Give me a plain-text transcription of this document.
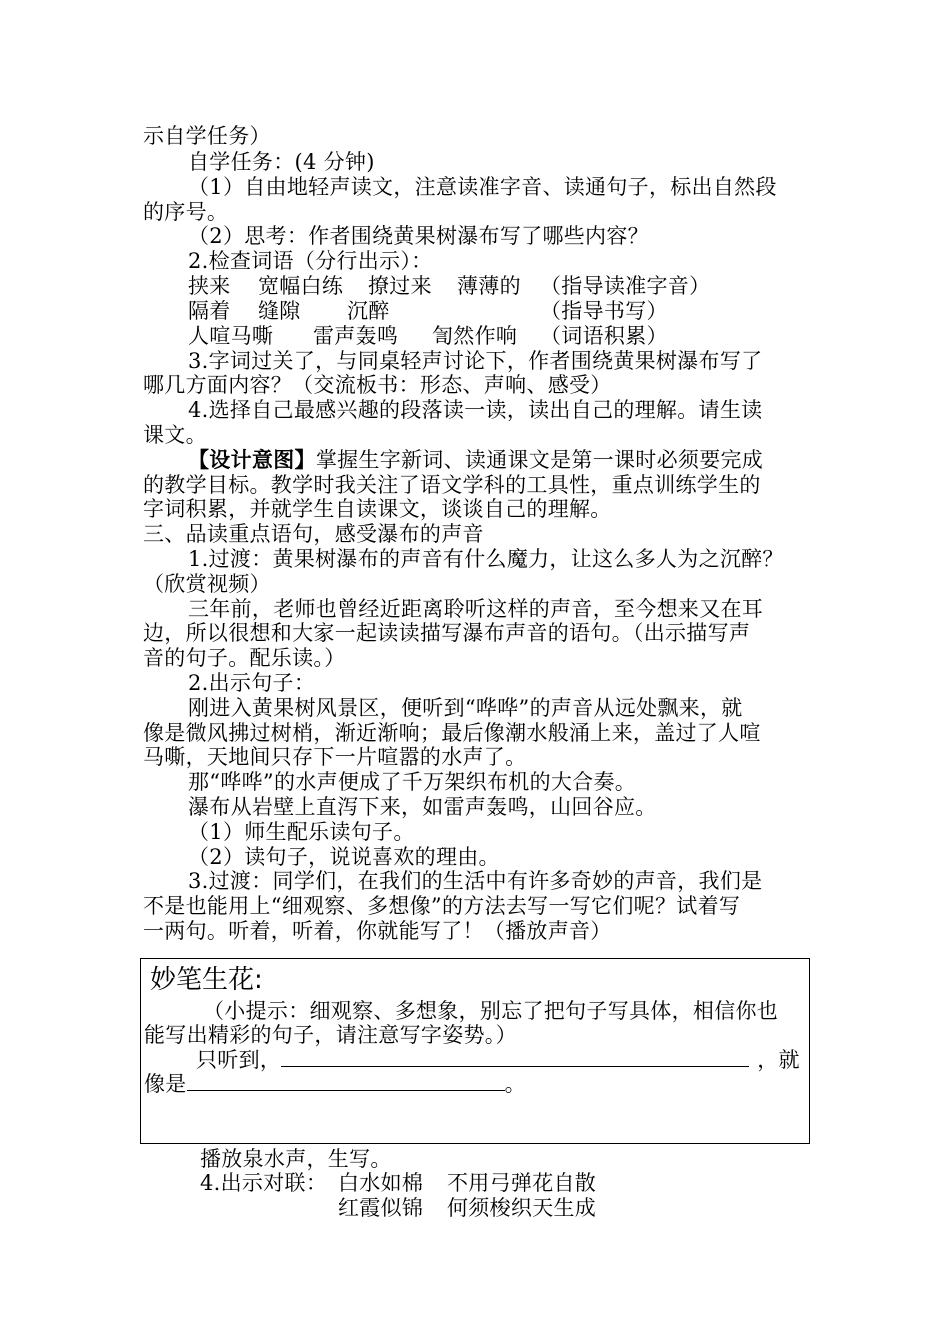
示自学任务）
自学任务：(4 分钟)
（1）自由地轻声读文，注意读准字音、读通句子，标出自然段
的序号。
（2）思考：作者围绕黄果树瀑布写了哪些内容？
2.检查词语（分行出示）：
挟来 宽幅白练 撩过来 薄薄的 （指导读准字音）
隔着 缝隙 沉醉	（指导书写）
人喧马嘶 雷声轰鸣 訇然作响 （词语积累）
3.字词过关了，与同桌轻声讨论下，作者围绕黄果树瀑布写了
哪几方面内容？（交流板书：形态、声响、感受）
4.选择自己最感兴趣的段落读一读，读出自己的理解。请生读
课文。
【设计意图】掌握生字新词、读通课文是第一课时必须要完成
的教学目标。教学时我关注了语文学科的工具性，重点训练学生的
字词积累，并就学生自读课文，谈谈自己的理解。
三、品读重点语句，感受瀑布的声音
1.过渡：黄果树瀑布的声音有什么魔力，让这么多人为之沉醉？
（欣赏视频）
三年前，老师也曾经近距离聆听这样的声音，至今想来又在耳
边，所以很想和大家一起读读描写瀑布声音的语句。（出示描写声
音的句子。配乐读。）
2.出示句子：
刚进入黄果树风景区，便听到“哗哗”的声音从远处飘来，就
像是微风拂过树梢，渐近渐响；最后像潮水般涌上来，盖过了人喧
马嘶，天地间只存下一片喧嚣的水声了。
那“哗哗”的水声便成了千万架织布机的大合奏。
瀑布从岩壁上直泻下来，如雷声轰鸣，山回谷应。
（1）师生配乐读句子。
（2）读句子，说说喜欢的理由。
3.过渡：同学们，在我们的生活中有许多奇妙的声音，我们是
不是也能用上“细观察、多想像”的方法去写一写它们呢？试着写
一两句。听着，听着，你就能写了！（播放声音）
妙笔生花:
（小提示：细观察、多想象，别忘了把句子写具体，相信你也
能写出精彩的句子，请注意写字姿势。）
只听到，	，就
像是	。
播放泉水声，生写。
4.出示对联： 白水如棉 不用弓弹花自散
红霞似锦 何须梭织天生成
